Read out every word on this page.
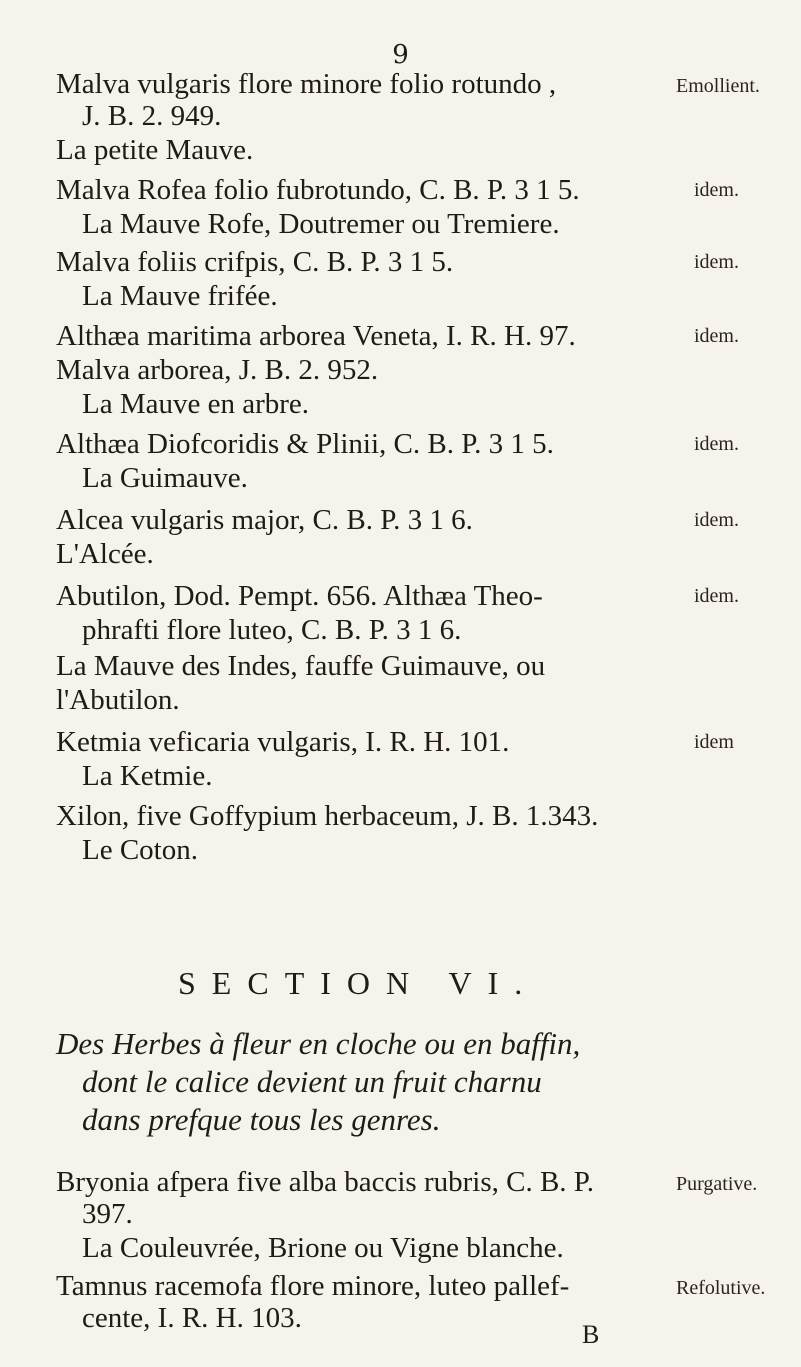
9
Malva vulgaris flore minore folio rotundo ,
J. B. 2. 949.
La petite Mauve.
Malva Rofea folio fubrotundo, C. B. P. 3 1 5.
La Mauve Rofe, Doutremer ou Tremiere.
Malva foliis crifpis, C. B. P. 3 1 5.
La Mauve frifée.
Althæa maritima arborea Veneta, I. R. H. 97.
Malva arborea, J. B. 2. 952.
La Mauve en arbre.
Althæa Diofcoridis & Plinii, C. B. P. 3 1 5.
La Guimauve.
Alcea vulgaris major, C. B. P. 3 1 6.
L'Alcée.
Abutilon, Dod. Pempt. 656. Althæa Theo-
phrafti flore luteo, C. B. P. 3 1 6.
La Mauve des Indes, fauffe Guimauve, ou
l'Abutilon.
Ketmia veficaria vulgaris, I. R. H. 101.
La Ketmie.
Xilon, five Goffypium herbaceum, J. B. 1.343.
Le Coton.
Emollient.
idem.
idem.
idem.
idem.
idem.
idem.
idem
SECTION VI.
Des Herbes à fleur en cloche ou en baffin,
dont le calice devient un fruit charnu
dans prefque tous les genres.
Bryonia afpera five alba baccis rubris, C. B. P.
397.
La Couleuvrée, Brione ou Vigne blanche.
Tamnus racemofa flore minore, luteo pallef-
cente, I. R. H. 103.
Purgative.
Refolutive.
B
